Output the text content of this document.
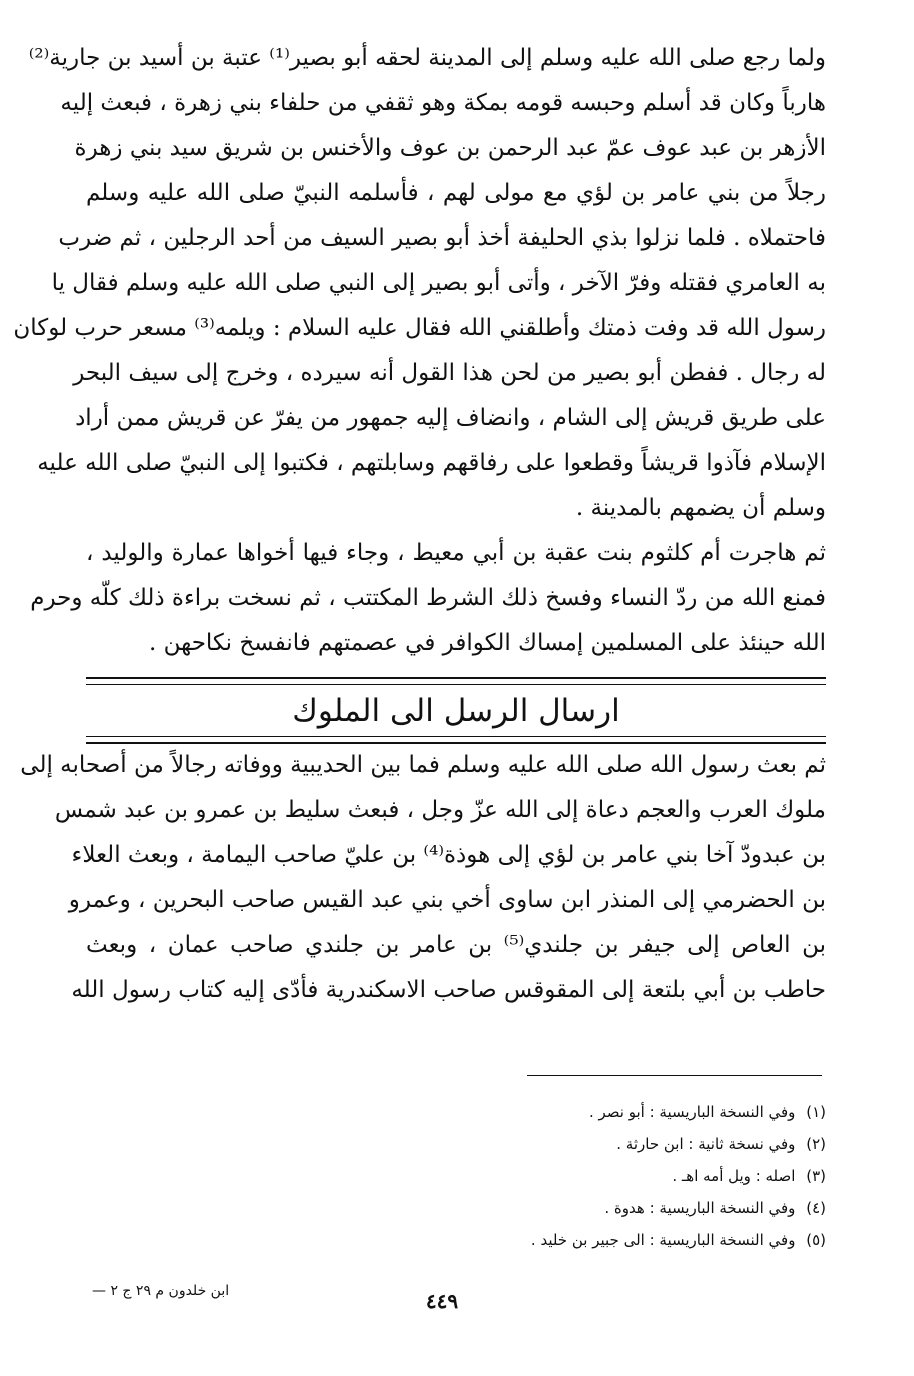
ولما رجع صلى الله عليه وسلم إلى المدينة لحقه أبو بصير⁽¹⁾ عتبة بن أسيد بن جارية⁽²⁾
هارباً وكان قد أسلم وحبسه قومه بمكة وهو ثقفي من حلفاء بني زهرة ، فبعث إليه
الأزهر بن عبد عوف عمّ عبد الرحمن بن عوف والأخنس بن شريق سيد بني زهرة
رجلاً من بني عامر بن لؤي مع مولى لهم ، فأسلمه النبيّ صلى الله عليه وسلم
فاحتملاه . فلما نزلوا بذي الحليفة أخذ أبو بصير السيف من أحد الرجلين ، ثم ضرب
به العامري فقتله وفرّ الآخر ، وأتى أبو بصير إلى النبي صلى الله عليه وسلم فقال يا
رسول الله قد وفت ذمتك وأطلقني الله فقال عليه السلام : ويلمه⁽³⁾ مسعر حرب لوكان
له رجال . ففطن أبو بصير من لحن هذا القول أنه سيرده ، وخرج إلى سيف البحر
على طريق قريش إلى الشام ، وانضاف إليه جمهور من يفرّ عن قريش ممن أراد
الإسلام فآذوا قريشاً وقطعوا على رفاقهم وسابلتهم ، فكتبوا إلى النبيّ صلى الله عليه
وسلم أن يضمهم بالمدينة .
ثم هاجرت أم كلثوم بنت عقبة بن أبي معيط ، وجاء فيها أخواها عمارة والوليد ،
فمنع الله من ردّ النساء وفسخ ذلك الشرط المكتتب ، ثم نسخت براءة ذلك كلّه وحرم
الله حينئذ على المسلمين إمساك الكوافر في عصمتهم فانفسخ نكاحهن .
ارسال الرسل الى الملوك
ثم بعث رسول الله صلى الله عليه وسلم فما بين الحديبية ووفاته رجالاً من أصحابه إلى
ملوك العرب والعجم دعاة إلى الله عزّ وجل ، فبعث سليط بن عمرو بن عبد شمس
بن عبدودّ آخا بني عامر بن لؤي إلى هوذة⁽⁴⁾ بن عليّ صاحب اليمامة ، وبعث العلاء
بن الحضرمي إلى المنذر ابن ساوى أخي بني عبد القيس صاحب البحرين ، وعمرو
بن العاص إلى جيفر بن جلندي⁽⁵⁾ بن عامر بن جلندي صاحب عمان ، وبعث
حاطب بن أبي بلتعة إلى المقوقس صاحب الاسكندرية فأدّى إليه كتاب رسول الله
(١) وفي النسخة الباريسية : أبو نصر .
(٢) وفي نسخة ثانية : ابن حارثة .
(٣) اصله : ويل أمه اهـ .
(٤) وفي النسخة الباريسية : هدوة .
(٥) وفي النسخة الباريسية : الى جبير بن خليد .
ابن خلدون م ٢٩ ج ٢ —	٤٤٩
